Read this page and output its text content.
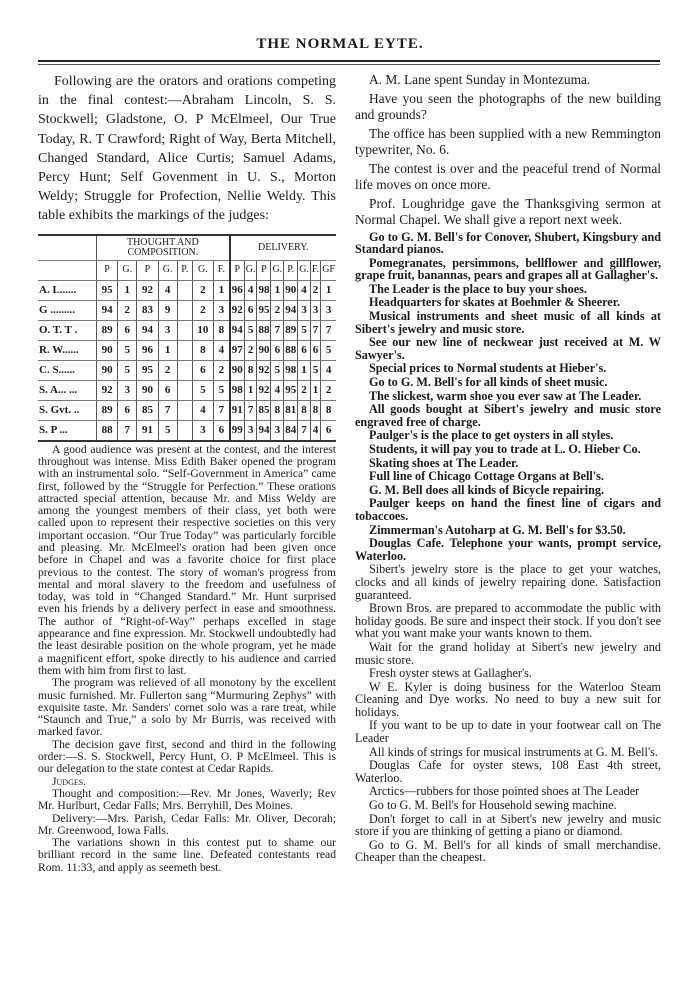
THE NORMAL EYTE.

Following are the orators and orations competing in the final contest:—Abraham Lincoln, S. S. Stockwell; Gladstone, O. P McElmeel, Our True Today, R. T Crawford; Right of Way, Berta Mitchell, Changed Standard, Alice Curtis; Samuel Adams, Percy Hunt; Self Govenment in U. S., Morton Weldy; Struggle for Profection, Nellie Weldy. This table exhibits the markings of the judges:

	THOUGHT AND COMPOSITION.							DELIVERY.							
	P	G.	P	G.	P.	G.	F.	P	G.	P	G.	P.	G.	F.	GF
A. L......	95	1	92	4		2	1	96	4	98	1	90	4	2	1
G .........	94	2	83	9		2	3	92	6	95	2	94	3	3	3
O. T. T .	89	6	94	3		10	8	94	5	88	7	89	5	7	7
R. W......	90	5	96	1		8	4	97	2	90	6	88	6	6	5
C. S......	90	5	95	2		6	2	90	8	92	5	98	1	5	4
S. A... ...	92	3	90	6		5	5	98	1	92	4	95	2	1	2
S. Gvt. ..	89	6	85	7		4	7	91	7	85	8	81	8	8	8
S. P ...	88	7	91	5		3	6	99	3	94	3	84	7	4	6

A good audience was present at the contest, and the interest throughout was intense. Miss Edith Baker opened the program with an instrumental solo. “Self-Government in America” came first, followed by the “Struggle for Perfection.” These orations attracted special attention, because Mr. and Miss Weldy are among the youngest members of their class, yet both were called upon to represent their respective societies on this very important occasion. “Our True Today” was particularly forcible and pleasing. Mr. McElmeel's oration had been given once before in Chapel and was a favorite choice for first place previous to the contest. The story of woman's progress from mental and moral slavery to the freedom and usefulness of today, was told in “Changed Standard.” Mr. Hunt surprised even his friends by a delivery perfect in ease and smoothness. The author of “Right-of-Way” perhaps excelled in stage appearance and fine expression. Mr. Stockwell undoubtedly had the least desirable position on the whole program, yet he made a magnificent effort, spoke directly to his audience and carried them with him from first to last.

The program was relieved of all monotony by the excellent music furnished. Mr. Fullerton sang “Murmuring Zephys” with exquisite taste. Mr. Sanders' cornet solo was a rare treat, while “Staunch and True,” a solo by Mr Burris, was received with marked favor.

The decision gave first, second and third in the following order:—S. S. Stockwell, Percy Hunt, O. P McElmeel. This is our delegation to the state contest at Cedar Rapids.

Judges.

Thought and composition:—Rev. Mr Jones, Waverly; Rev Mr. Hurlburt, Cedar Falls; Mrs. Berryhill, Des Moines.

Delivery:—Mrs. Parish, Cedar Falls: Mr. Oliver, Decorah; Mr. Greenwood, Iowa Falls.

The variations shown in this contest put to shame our brilliant record in the same line. Defeated contestants read Rom. 11:33, and apply as seemeth best.

A. M. Lane spent Sunday in Montezuma.

Have you seen the photographs of the new building and grounds?

The office has been supplied with a new Remmington typewriter, No. 6.

The contest is over and the peaceful trend of Normal life moves on once more.

Prof. Loughridge gave the Thanksgiving sermon at Normal Chapel. We shall give a report next week.

Go to G. M. Bell's for Conover, Shubert, Kingsbury and Standard pianos.

Pomegranates, persimmons, bellflower and gillflower, grape fruit, banannas, pears and grapes all at Gallagher's.

The Leader is the place to buy your shoes.

Headquarters for skates at Boehmler & Sheerer.

Musical instruments and sheet music of all kinds at Sibert's jewelry and music store.

See our new line of neckwear just received at M. W Sawyer's.

Special prices to Normal students at Hieber's.

Go to G. M. Bell's for all kinds of sheet music.

The slickest, warm shoe you ever saw at The Leader.

All goods bought at Sibert's jewelry and music store engraved free of charge.

Paulger's is the place to get oysters in all styles.

Students, it will pay you to trade at L. O. Hieber Co.

Skating shoes at The Leader.

Full line of Chicago Cottage Organs at Bell's.

G. M. Bell does all kinds of Bicycle repairing.

Paulger keeps on hand the finest line of cigars and tobaccoes.

Zimmerman's Autoharp at G. M. Bell's for $3.50.

Douglas Cafe. Telephone your wants, prompt service, Waterloo.

Sibert's jewelry store is the place to get your watches, clocks and all kinds of jewelry repairing done. Satisfaction guaranteed.

Brown Bros. are prepared to accommodate the public with holiday goods. Be sure and inspect their stock. If you don't see what you want make your wants known to them.

Wait for the grand holiday at Sibert's new jewelry and music store.

Fresh oyster stews at Gallagher's.

W E. Kyler is doing business for the Waterloo Steam Cleaning and Dye works. No need to buy a new suit for holidays.

If you want to be up to date in your footwear call on The Leader

All kinds of strings for musical instruments at G. M. Bell's.

Douglas Cafe for oyster stews, 108 East 4th street, Waterloo.

Arctics—rubbers for those pointed shoes at The Leader

Go to G. M. Bell's for Household sewing machine.

Don't forget to call in at Sibert's new jewelry and music store if you are thinking of getting a piano or diamond.

Go to G. M. Bell's for all kinds of small merchandise. Cheaper than the cheapest.
